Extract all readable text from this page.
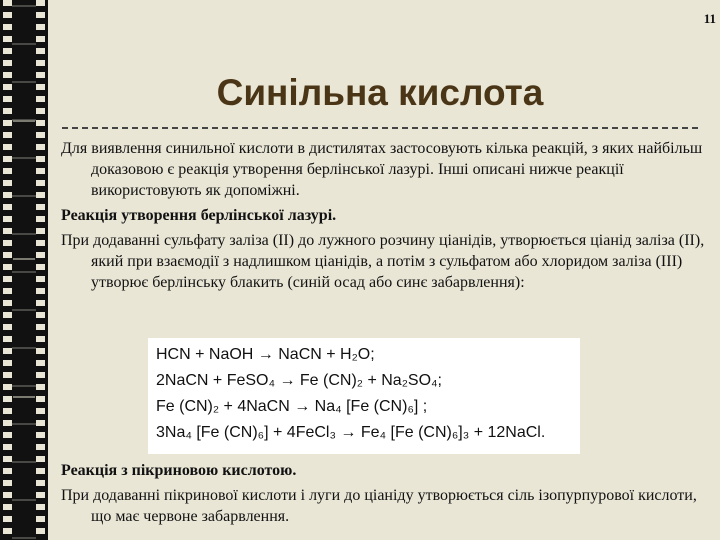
11
Синільна кислота

Для виявлення синильної кислоти в дистилятах застосовують кілька реакцій, з яких найбільш доказовою є реакція утворення берлінської лазурі. Інші описані нижче реакції використовують як допоміжні.

Реакція утворення берлінської лазурі.

При додаванні сульфату заліза (ІІ) до лужного розчину ціанідів, утворюється ціанід заліза (ІІ), який при взаємодії з надлишком ціанідів, а потім з сульфатом або хлоридом заліза (ІІІ) утворює берлінську блакить (синій осад або синє забарвлення):

HCN + NaOH → NaCN + H₂O;
2NaCN + FeSO₄ → Fe (CN)₂ + Na₂SO₄;
Fe (CN)₂ + 4NaCN → Na₄ [Fe (CN)₆] ;
3Na₄ [Fe (CN)₆] + 4FeCl₃ → Fe₄ [Fe (CN)₆]₃ + 12NaCl.

Реакція з пікриновою кислотою.

При додаванні пікринової кислоти і луги до ціаніду утворюється сіль ізопурпурової кислоти, що має червоне забарвлення.
